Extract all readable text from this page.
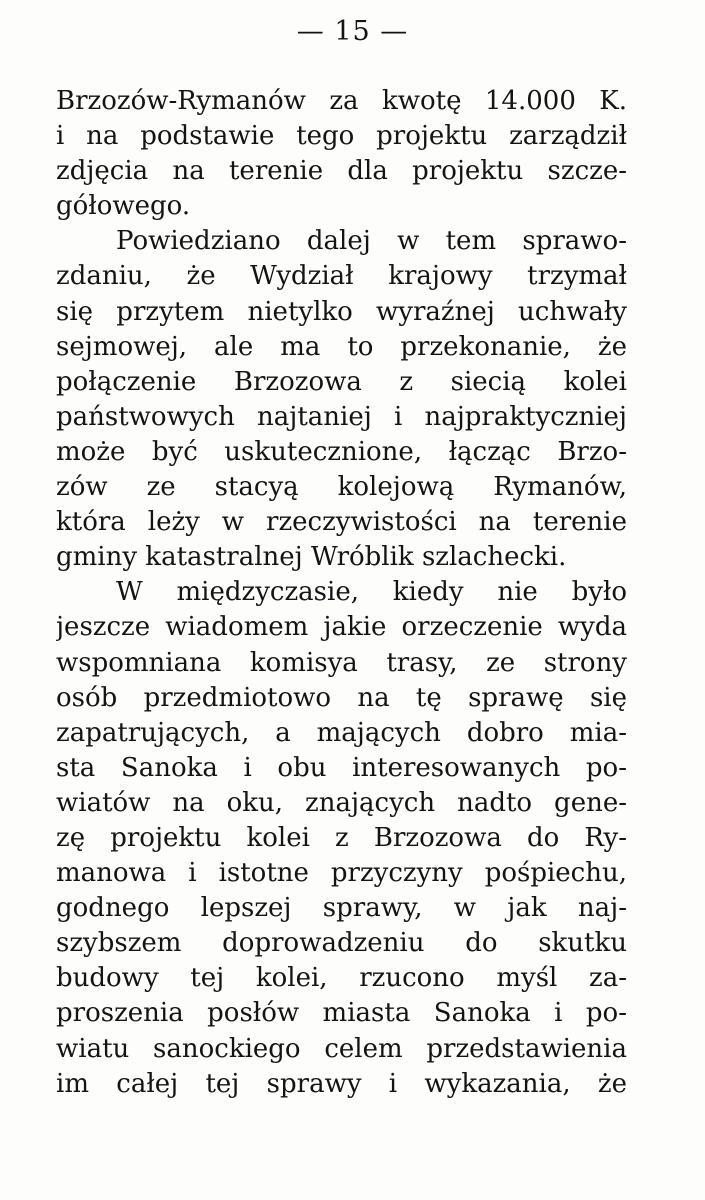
— 15 —
Brzozów-Rymanów za kwotę 14.000 K.
i na podstawie tego projektu zarządził
zdjęcia na terenie dla projektu szcze-
gółowego.
Powiedziano dalej w tem sprawo-
zdaniu, że Wydział krajowy trzymał
się przytem nietylko wyraźnej uchwały
sejmowej, ale ma to przekonanie, że
połączenie Brzozowa z siecią kolei
państwowych najtaniej i najpraktyczniej
może być uskutecznione, łącząc Brzo-
zów ze stacyą kolejową Rymanów,
która leży w rzeczywistości na terenie
gminy katastralnej Wróblik szlachecki.
W międzyczasie, kiedy nie było
jeszcze wiadomem jakie orzeczenie wyda
wspomniana komisya trasy, ze strony
osób przedmiotowo na tę sprawę się
zapatrujących, a mających dobro mia-
sta Sanoka i obu interesowanych po-
wiatów na oku, znających nadto gene-
zę projektu kolei z Brzozowa do Ry-
manowa i istotne przyczyny pośpiechu,
godnego lepszej sprawy, w jak naj-
szybszem doprowadzeniu do skutku
budowy tej kolei, rzucono myśl za-
proszenia posłów miasta Sanoka i po-
wiatu sanockiego celem przedstawienia
im całej tej sprawy i wykazania, że
